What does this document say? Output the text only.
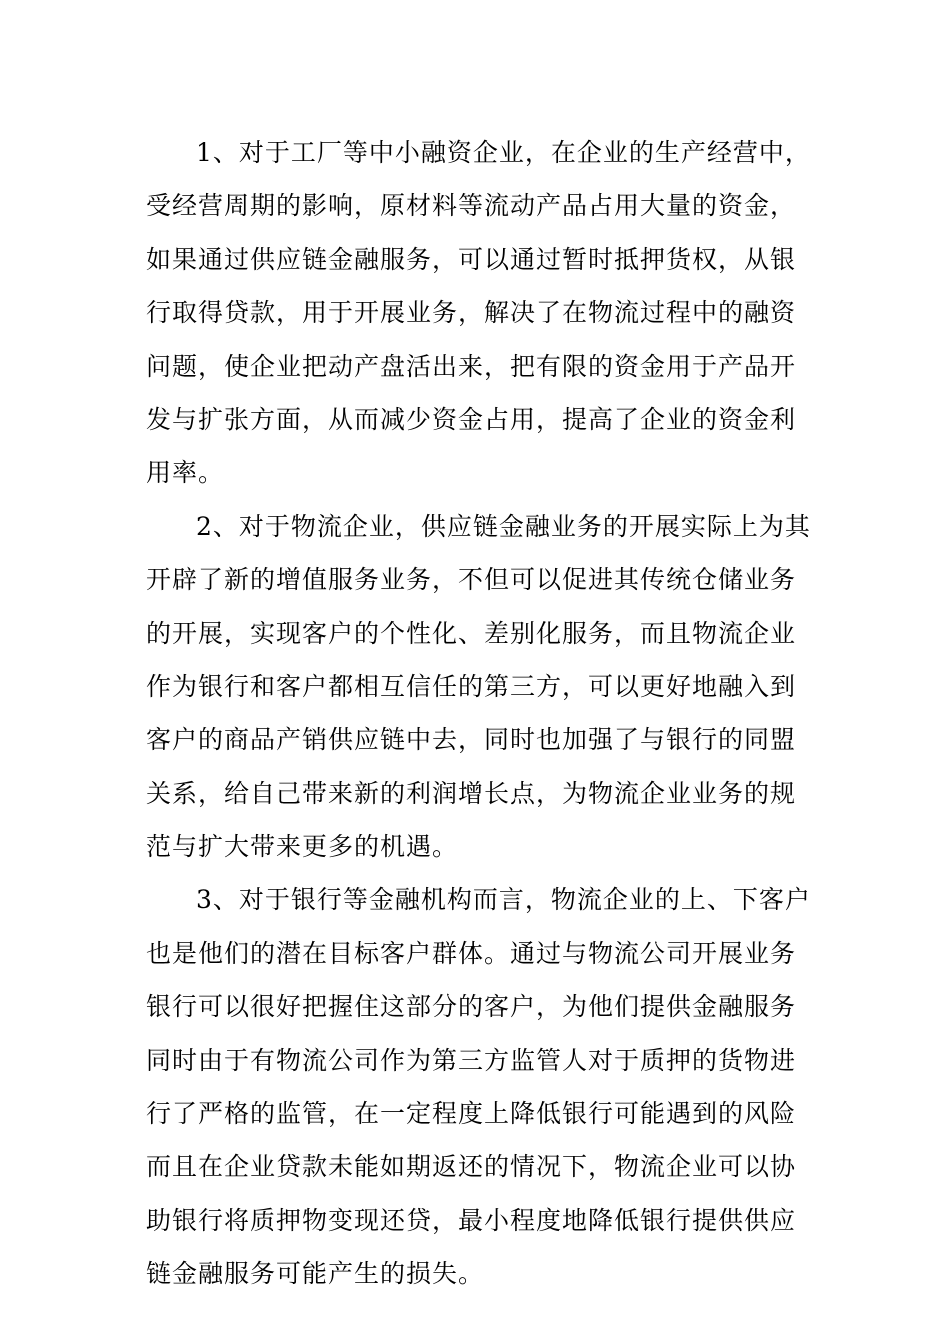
1、对于工厂等中小融资企业，在企业的生产经营中，
受经营周期的影响，原材料等流动产品占用大量的资金，
如果通过供应链金融服务，可以通过暂时抵押货权，从银
行取得贷款，用于开展业务，解决了在物流过程中的融资
问题，使企业把动产盘活出来，把有限的资金用于产品开
发与扩张方面，从而减少资金占用，提高了企业的资金利
用率。

2、对于物流企业，供应链金融业务的开展实际上为其
开辟了新的增值服务业务，不但可以促进其传统仓储业务
的开展，实现客户的个性化、差别化服务，而且物流企业
作为银行和客户都相互信任的第三方，可以更好地融入到
客户的商品产销供应链中去，同时也加强了与银行的同盟
关系，给自己带来新的利润增长点，为物流企业业务的规
范与扩大带来更多的机遇。

3、对于银行等金融机构而言，物流企业的上、下客户
也是他们的潜在目标客户群体。通过与物流公司开展业务
银行可以很好把握住这部分的客户，为他们提供金融服务
同时由于有物流公司作为第三方监管人对于质押的货物进
行了严格的监管，在一定程度上降低银行可能遇到的风险
而且在企业贷款未能如期返还的情况下，物流企业可以协
助银行将质押物变现还贷，最小程度地降低银行提供供应
链金融服务可能产生的损失。
